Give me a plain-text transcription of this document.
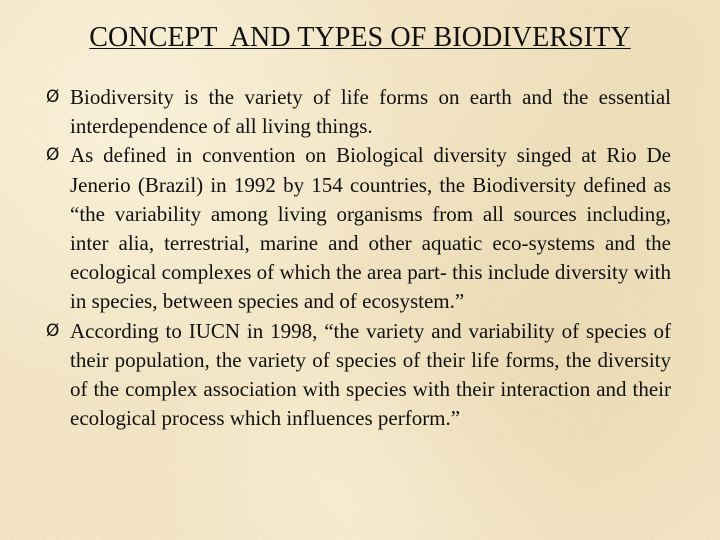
CONCEPT  AND TYPES OF BIODIVERSITY
Ø Biodiversity is the variety of life forms on earth and the essential interdependence of all living things.
Ø As defined in convention on Biological diversity singed at Rio De Jenerio (Brazil) in 1992 by 154 countries, the Biodiversity defined as “the variability among living organisms from all sources including, inter alia, terrestrial, marine and other aquatic eco-systems and the ecological complexes of which the area part- this include diversity with in species, between species and of ecosystem.”
Ø According to IUCN in 1998, “the variety and variability of species of their population, the variety of species of their life forms, the diversity of the complex association with species with their interaction and their ecological process which influences perform.”
